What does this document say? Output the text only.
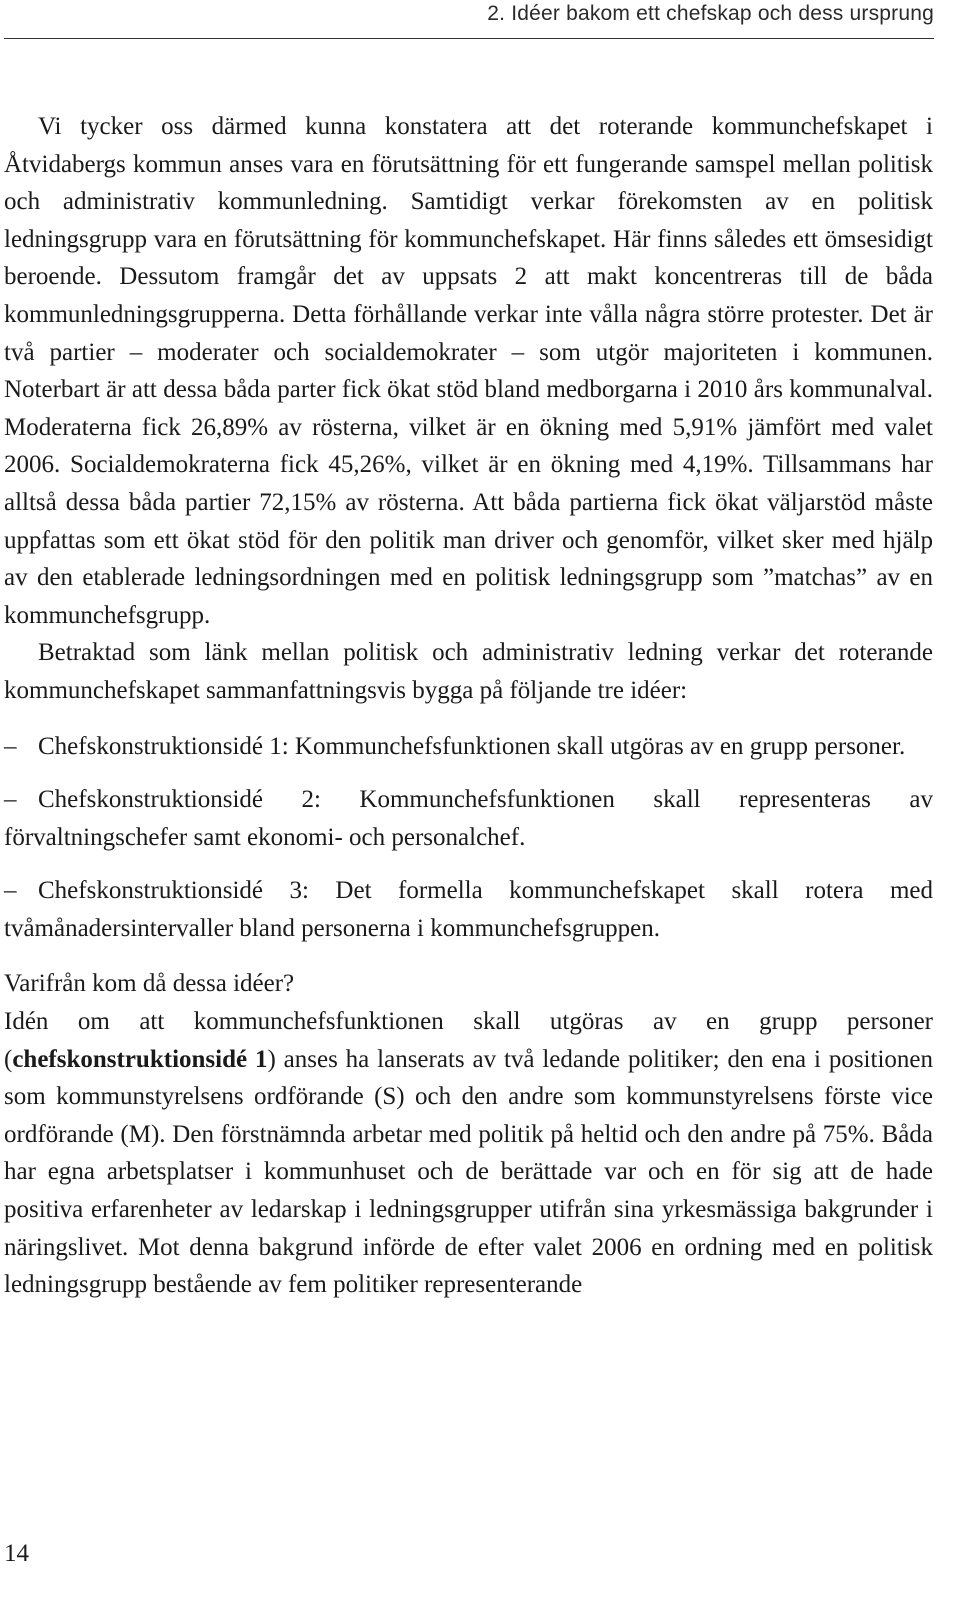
2. Idéer bakom ett chefskap och dess ursprung

Vi tycker oss därmed kunna konstatera att det roterande kommunchefskapet i Åtvidabergs kommun anses vara en förutsättning för ett fungerande samspel mellan politisk och administrativ kommunledning. Samtidigt verkar förekomsten av en politisk ledningsgrupp vara en förutsättning för kommunchefskapet. Här finns således ett ömsesidigt beroende. Dessutom framgår det av uppsats 2 att makt koncentreras till de båda kommunledningsgrupperna. Detta förhållande verkar inte vålla några större protester. Det är två partier – moderater och socialdemokrater – som utgör majoriteten i kommunen. Noterbart är att dessa båda parter fick ökat stöd bland medborgarna i 2010 års kommunalval. Moderaterna fick 26,89% av rösterna, vilket är en ökning med 5,91% jämfört med valet 2006. Socialdemokraterna fick 45,26%, vilket är en ökning med 4,19%. Tillsammans har alltså dessa båda partier 72,15% av rösterna. Att båda partierna fick ökat väljarstöd måste uppfattas som ett ökat stöd för den politik man driver och genomför, vilket sker med hjälp av den etablerade ledningsordningen med en politisk ledningsgrupp som ”matchas” av en kommunchefsgrupp.

Betraktad som länk mellan politisk och administrativ ledning verkar det roterande kommunchefskapet sammanfattningsvis bygga på följande tre idéer:

– Chefskonstruktionsidé 1: Kommunchefsfunktionen skall utgöras av en grupp personer.

– Chefskonstruktionsidé 2: Kommunchefsfunktionen skall representeras av förvaltningschefer samt ekonomi- och personalchef.

– Chefskonstruktionsidé 3: Det formella kommunchefskapet skall rotera med tvåmånadersintervaller bland personerna i kommunchefsgruppen.

Varifrån kom då dessa idéer?

Idén om att kommunchefsfunktionen skall utgöras av en grupp personer (chefskonstruktionsidé 1) anses ha lanserats av två ledande politiker; den ena i positionen som kommunstyrelsens ordförande (S) och den andre som kommunstyrelsens förste vice ordförande (M). Den förstnämnda arbetar med politik på heltid och den andre på 75%. Båda har egna arbetsplatser i kommunhuset och de berättade var och en för sig att de hade positiva erfarenheter av ledarskap i ledningsgrupper utifrån sina yrkesmässiga bakgrunder i näringslivet. Mot denna bakgrund införde de efter valet 2006 en ordning med en politisk ledningsgrupp bestående av fem politiker representerande

14
